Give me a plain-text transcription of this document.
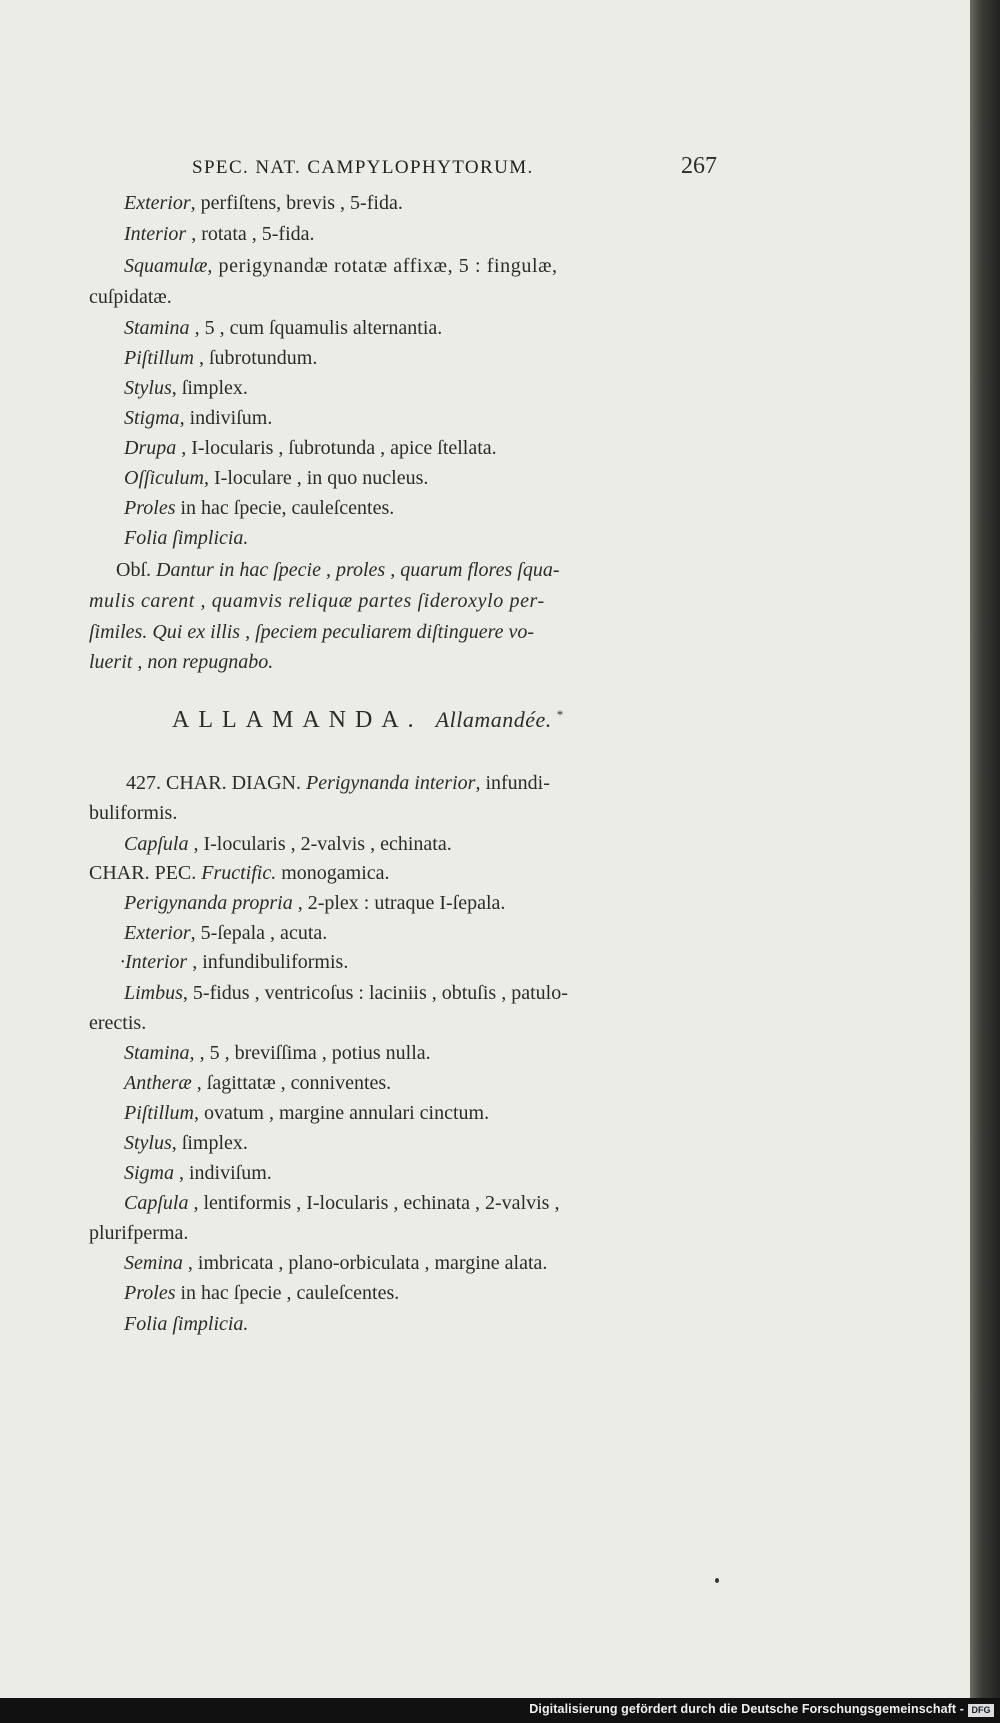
SPEC. NAT. CAMPYLOPHYTORUM.	267
Exterior, perfiſtens, brevis , 5-fida.
Interior , rotata , 5-fida.
Squamulæ, perigynandæ rotatæ affixæ, 5 : fingulæ,
cuſpidatæ.
Stamina , 5 , cum ſquamulis alternantia.
Piſtillum , ſubrotundum.
Stylus, ſimplex.
Stigma, indiviſum.
Drupa , I-locularis , ſubrotunda , apice ſtellata.
Oſſiculum, I-loculare , in quo nucleus.
Proles in hac ſpecie, cauleſcentes.
Folia ſimplicia.
Obſ. Dantur in hac ſpecie , proles , quarum flores ſqua-
mulis carent , quamvis reliquæ partes ſideroxylo per-
ſimiles. Qui ex illis , ſpeciem peculiarem diſtinguere vo-
luerit , non repugnabo.
ALLAMANDA. Allamandée. *
427. CHAR. DIAGN. Perigynanda interior, infundi-
buliformis.
Capſula , I-locularis , 2-valvis , echinata.
CHAR. PEC. Fructific. monogamica.
Perigynanda propria , 2-plex : utraque I-ſepala.
Exterior, 5-ſepala , acuta.
·Interior , infundibuliformis.
Limbus, 5-fidus , ventricoſus : laciniis , obtuſis , patulo-
erectis.
Stamina, , 5 , breviſſima , potius nulla.
Antheræ , ſagittatæ , conniventes.
Piſtillum, ovatum , margine annulari cinctum.
Stylus, ſimplex.
Sigma , indiviſum.
Capſula , lentiformis , I-locularis , echinata , 2-valvis ,
plurifperma.
Semina , imbricata , plano-orbiculata , margine alata.
Proles in hac ſpecie , cauleſcentes.
Folia ſimplicia.
Digitalisierung gefördert durch die Deutsche Forschungsgemeinschaft - DFG
